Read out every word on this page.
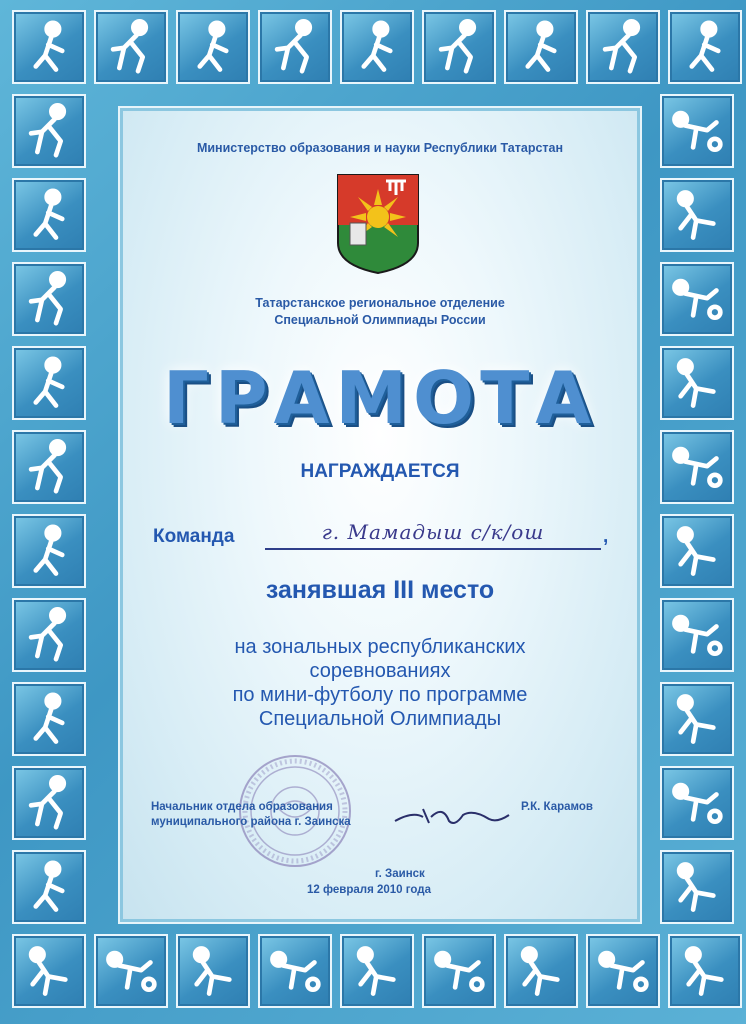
Министерство образования и науки Республики Татарстан
Татарстанское региональное отделение
Специальной Олимпиады России
ГРАМОТА
НАГРАЖДАЕТСЯ
Команда	г. Мамадыш с/к/ош	,
занявшая III место
на зональных республиканских
соревнованиях
по мини-футболу по программе
Специальной Олимпиады
Начальник отдела образования
муниципального района г. Заинска
Р.К. Карамов
г. Заинск
12 февраля 2010 года
